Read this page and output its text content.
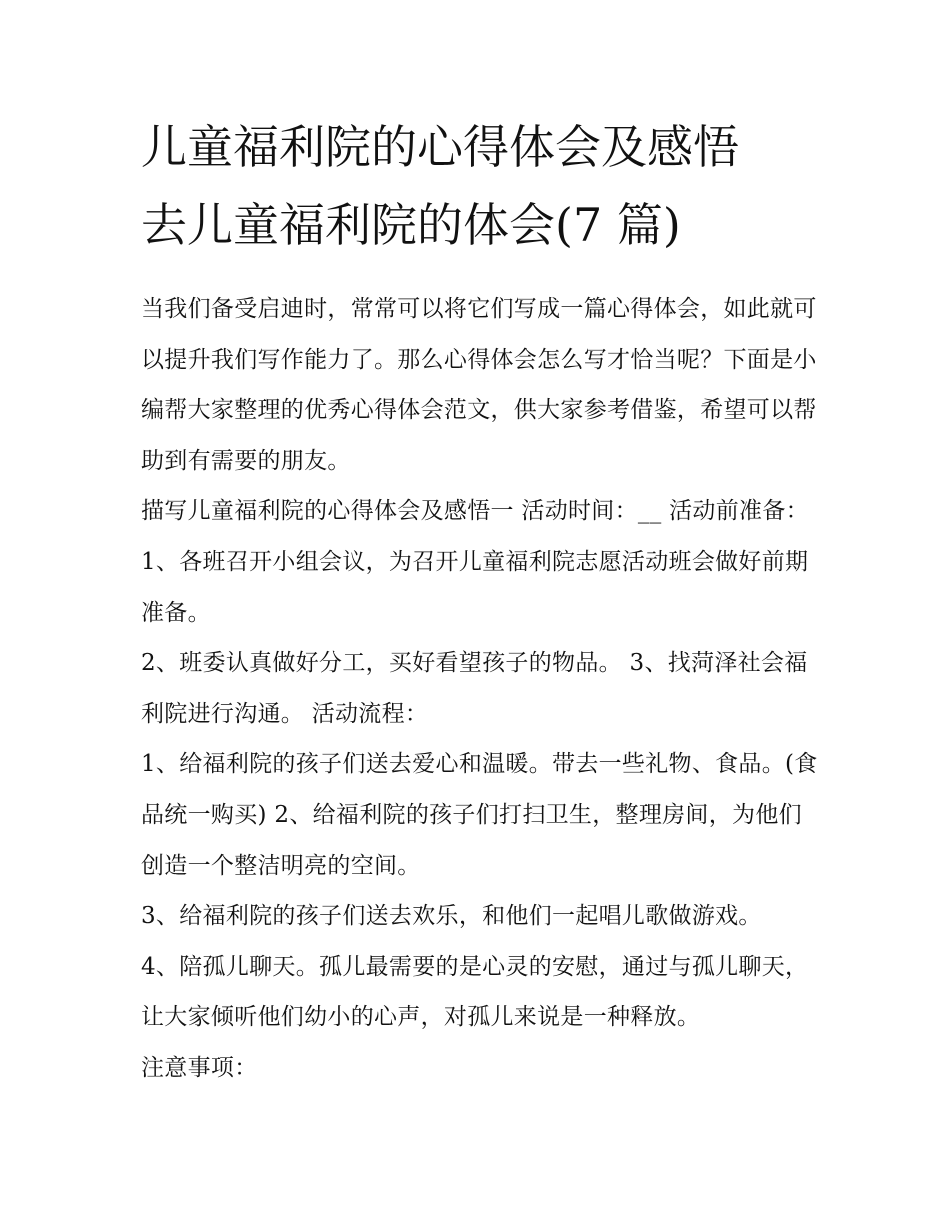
儿童福利院的心得体会及感悟
去儿童福利院的体会(7 篇)

当我们备受启迪时，常常可以将它们写成一篇心得体会，如此就可以提升我们写作能力了。那么心得体会怎么写才恰当呢？下面是小编帮大家整理的优秀心得体会范文，供大家参考借鉴，希望可以帮助到有需要的朋友。

描写儿童福利院的心得体会及感悟一 活动时间：__ 活动前准备： 1、各班召开小组会议，为召开儿童福利院志愿活动班会做好前期准备。

2、班委认真做好分工，买好看望孩子的物品。 3、找菏泽社会福利院进行沟通。 活动流程：

1、给福利院的孩子们送去爱心和温暖。带去一些礼物、食品。(食品统一购买) 2、给福利院的孩子们打扫卫生，整理房间，为他们创造一个整洁明亮的空间。

3、给福利院的孩子们送去欢乐，和他们一起唱儿歌做游戏。

4、陪孤儿聊天。孤儿最需要的是心灵的安慰，通过与孤儿聊天，让大家倾听他们幼小的心声，对孤儿来说是一种释放。

注意事项：
